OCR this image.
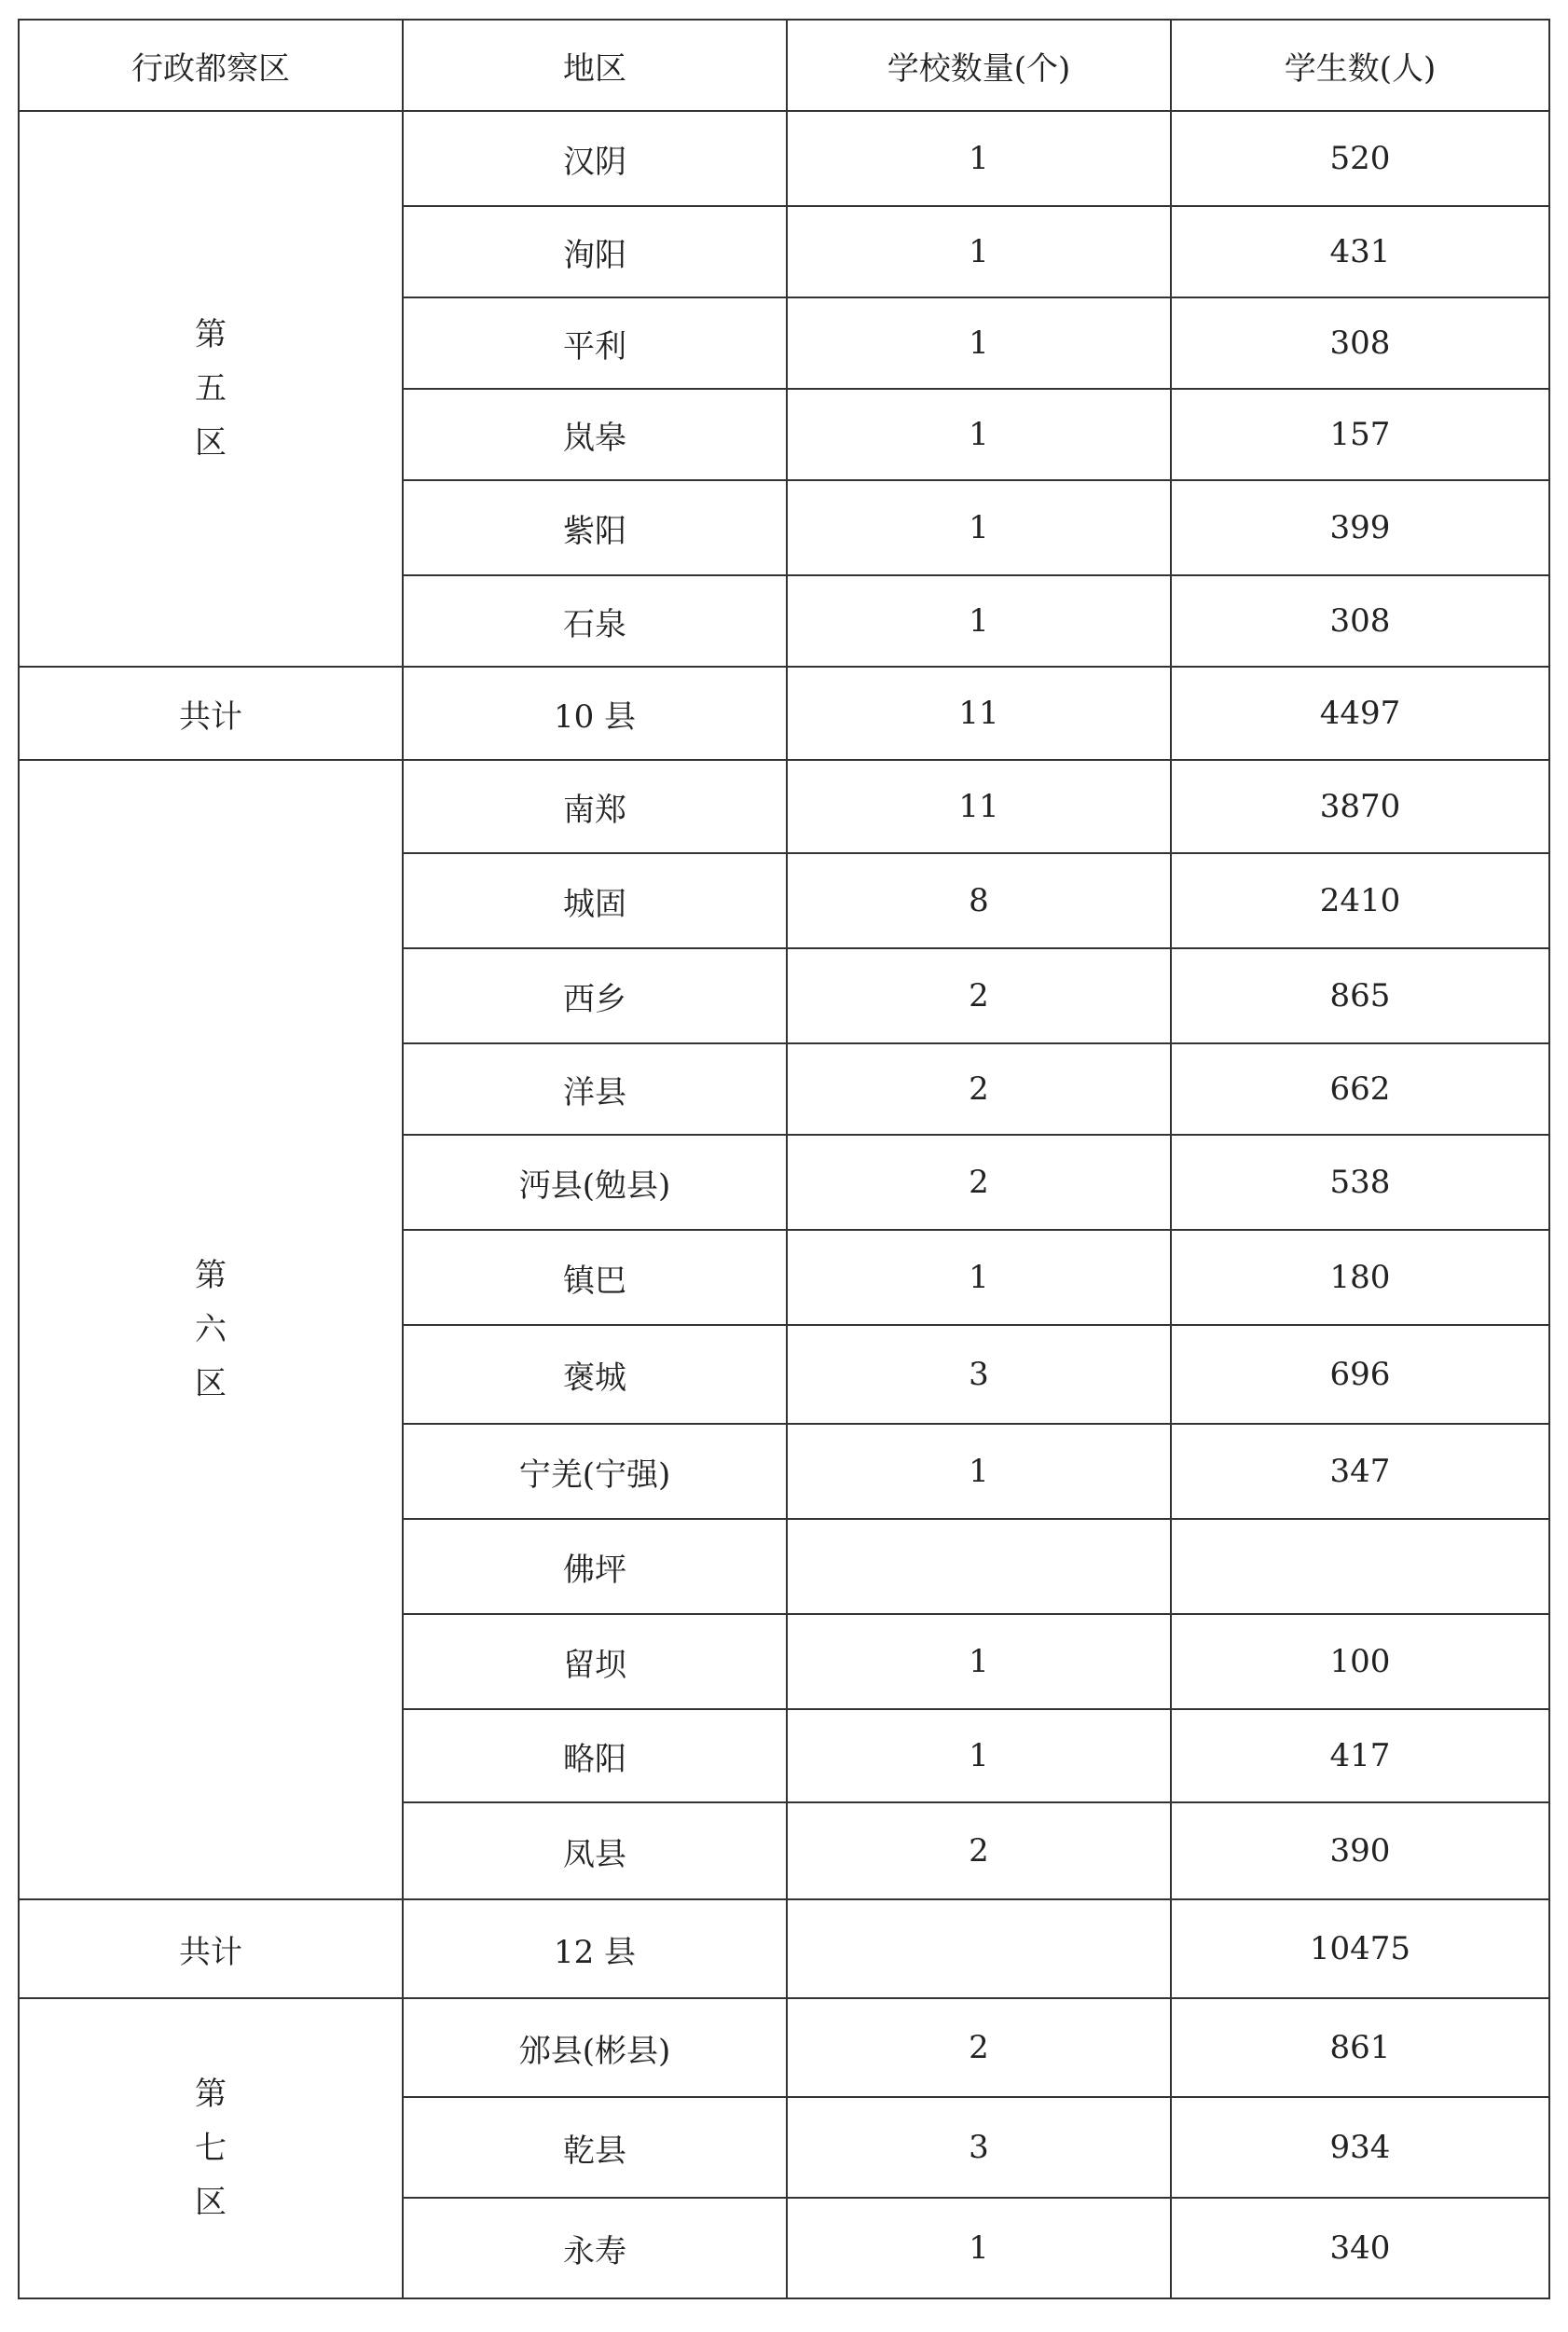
行政都察区	地区	学校数量(个)	学生数(人)

第
五
区	汉阴	1	520
	洵阳	1	431
	平利	1	308
	岚皋	1	157
	紫阳	1	399
	石泉	1	308
共计	10 县	11	4497

第
六
区	南郑	11	3870
	城固	8	2410
	西乡	2	865
	洋县	2	662
	沔县(勉县)	2	538
	镇巴	1	180
	褒城	3	696
	宁羌(宁强)	1	347
	佛坪		
	留坝	1	100
	略阳	1	417
	凤县	2	390
共计	12 县		10475

第
七
区	邠县(彬县)	2	861
	乾县	3	934
	永寿	1	340
